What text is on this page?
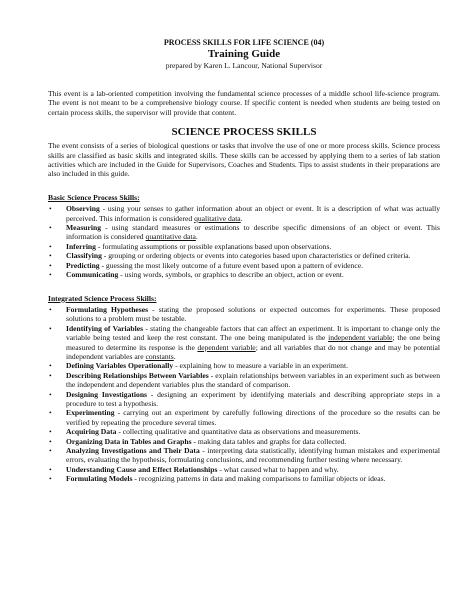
PROCESS SKILLS FOR LIFE SCIENCE (04)
Training Guide
prepared by Karen L. Lancour, National Supervisor
This event is a lab-oriented competition involving the fundamental science processes of a middle school life-science program. The event is not meant to be a comprehensive biology course. If specific content is needed when students are being tested on certain process skills, the supervisor will provide that content.
SCIENCE PROCESS SKILLS
The event consists of a series of biological questions or tasks that involve the use of one or more process skills. Science process skills are classified as basic skills and integrated skills. These skills can be accessed by applying them to a series of lab station activities which are included in the Guide for Supervisors, Coaches and Students. Tips to assist students in their preparations are also included in this guide.
Basic Science Process Skills:
• Observing - using your senses to gather information about an object or event. It is a description of what was actually perceived. This information is considered qualitative data.
• Measuring - using standard measures or estimations to describe specific dimensions of an object or event. This information is considered quantitative data.
• Inferring - formulating assumptions or possible explanations based upon observations.
• Classifying - grouping or ordering objects or events into categories based upon characteristics or defined criteria.
• Predicting - guessing the most likely outcome of a future event based upon a pattern of evidence.
• Communicating - using words, symbols, or graphics to describe an object, action or event.
Integrated Science Process Skills:
• Formulating Hypotheses - stating the proposed solutions or expected outcomes for experiments. These proposed solutions to a problem must be testable.
• Identifying of Variables - stating the changeable factors that can affect an experiment. It is important to change only the variable being tested and keep the rest constant. The one being manipulated is the independent variable; the one being measured to determine its response is the dependent variable; and all variables that do not change and may be potential independent variables are constants.
• Defining Variables Operationally - explaining how to measure a variable in an experiment.
• Describing Relationships Between Variables - explain relationships between variables in an experiment such as between the independent and dependent variables plus the standard of comparison.
• Designing Investigations - designing an experiment by identifying materials and describing appropriate steps in a procedure to test a hypothesis.
• Experimenting - carrying out an experiment by carefully following directions of the procedure so the results can be verified by repeating the procedure several times.
• Acquiring Data - collecting qualitative and quantitative data as observations and measurements.
• Organizing Data in Tables and Graphs - making data tables and graphs for data collected.
• Analyzing Investigations and Their Data - interpreting data statistically, identifying human mistakes and experimental errors, evaluating the hypothesis, formulating conclusions, and recommending further testing where necessary.
• Understanding Cause and Effect Relationships - what caused what to happen and why.
• Formulating Models - recognizing patterns in data and making comparisons to familiar objects or ideas.
